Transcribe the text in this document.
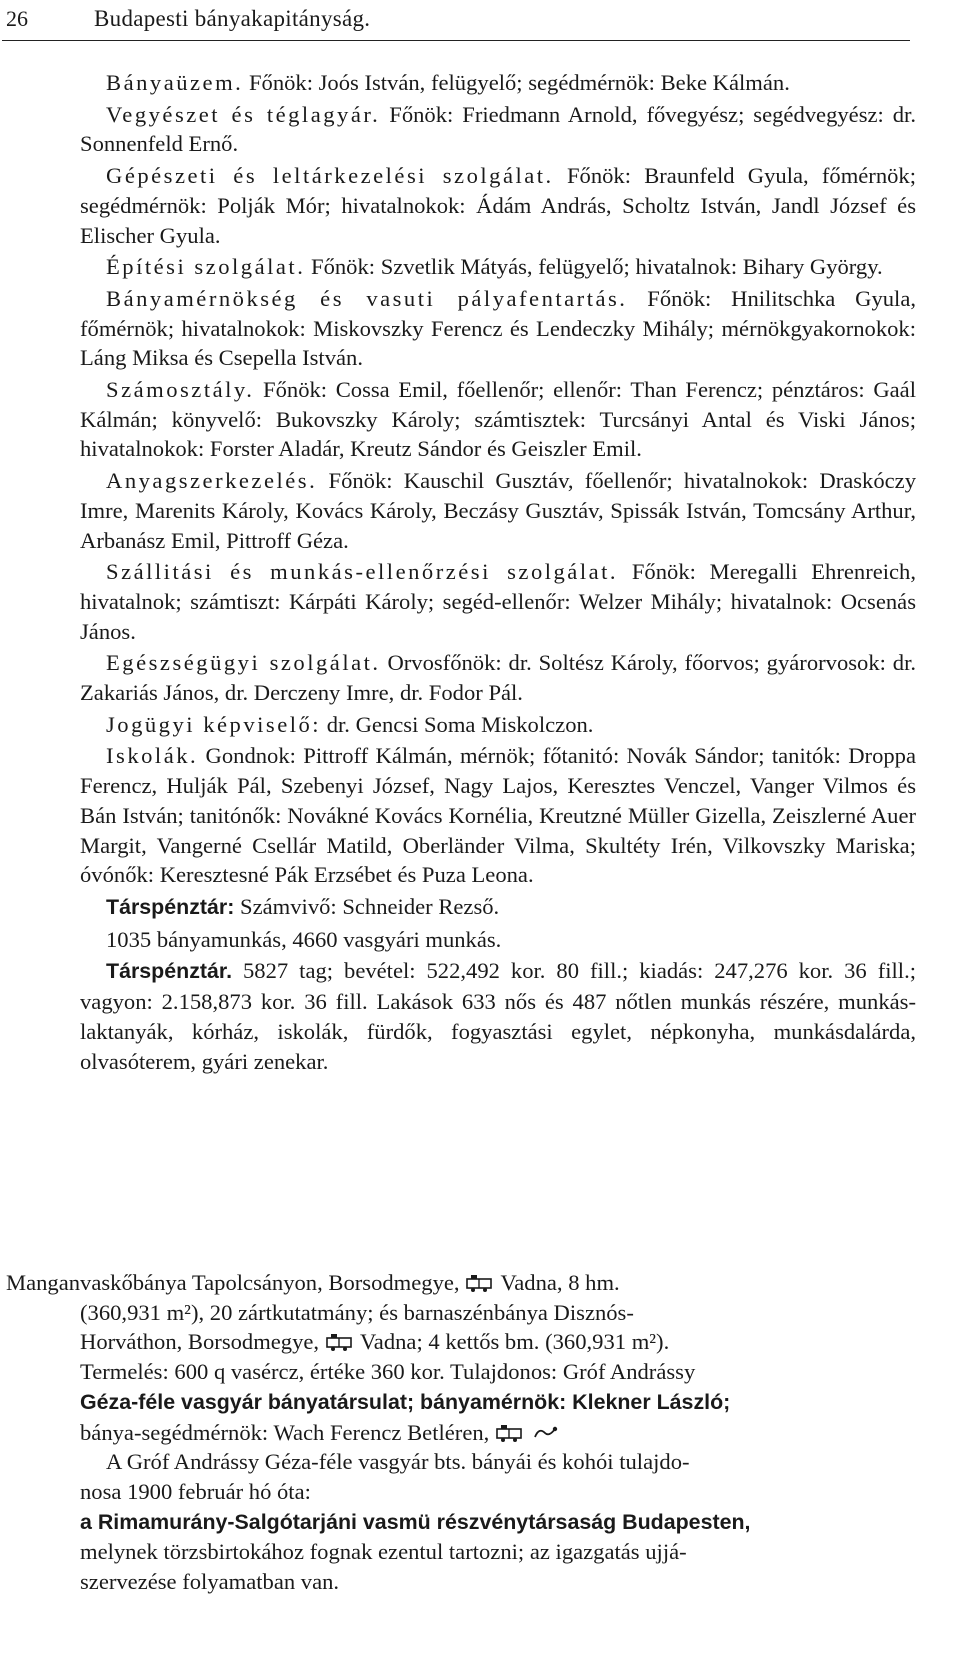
26	Budapesti bányakapitányság.

Bányaüzem. Főnök: Joós István, felügyelő; segédmérnök: Beke Kálmán.

Vegyészet és téglagyár. Főnök: Friedmann Arnold, fővegyész; segédvegyész: dr. Sonnenfeld Ernő.

Gépészeti és leltárkezelési szolgálat. Főnök: Braunfeld Gyula, főmérnök; segédmérnök: Polják Mór; hivatalnokok: Ádám András, Scholtz István, Jandl József és Elischer Gyula.

Építési szolgálat. Főnök: Szvetlik Mátyás, felügyelő; hivatalnok: Bihary György.

Bányamérnökség és vasuti pályafentartás. Főnök: Hnilitschka Gyula, főmérnök; hivatalnokok: Miskovszky Ferencz és Lendeczky Mihály; mérnökgyakornokok: Láng Miksa és Csepella István.

Számosztály. Főnök: Cossa Emil, főellenőr; ellenőr: Than Ferencz; pénztáros: Gaál Kálmán; könyvelő: Bukovszky Károly; számtisztek: Turcsányi Antal és Viski János; hivatalnokok: Forster Aladár, Kreutz Sándor és Geiszler Emil.

Anyagszerkezelés. Főnök: Kauschil Gusztáv, főellenőr; hivatalnokok: Draskóczy Imre, Marenits Károly, Kovács Károly, Beczásy Gusztáv, Spissák István, Tomcsány Arthur, Arbanász Emil, Pittroff Géza.

Szállitási és munkás-ellenőrzési szolgálat. Főnök: Meregalli Ehrenreich, hivatalnok; számtiszt: Kárpáti Károly; segéd-ellenőr: Welzer Mihály; hivatalnok: Ocsenás János.

Egészségügyi szolgálat. Orvosfőnök: dr. Soltész Károly, főorvos; gyárorvosok: dr. Zakariás János, dr. Derczeny Imre, dr. Fodor Pál.

Jogügyi képviselő: dr. Gencsi Soma Miskolczon.

Iskolák. Gondnok: Pittroff Kálmán, mérnök; főtanitó: Novák Sándor; tanitók: Droppa Ferencz, Hulják Pál, Szebenyi József, Nagy Lajos, Keresztes Venczel, Vanger Vilmos és Bán István; tanitónők: Novákné Kovács Kornélia, Kreutzné Müller Gizella, Zeiszlerné Auer Margit, Vangerné Csellár Matild, Oberländer Vilma, Skultéty Irén, Vilkovszky Mariska; óvónők: Keresztesné Pák Erzsébet és Puza Leona.

Társpénztár: Számvivő: Schneider Rezső.

1035 bányamunkás, 4660 vasgyári munkás.

Társpénztár. 5827 tag; bevétel: 522,492 kor. 80 fill.; kiadás: 247,276 kor. 36 fill.; vagyon: 2.158,873 kor. 36 fill. Lakások 633 nős és 487 nőtlen munkás részére, munkás-laktanyák, kórház, iskolák, fürdők, fogyasztási egylet, népkonyha, munkásdalárda, olvasóterem, gyári zenekar.

Manganvaskőbánya Tapolcsányon, Borsodmegye, Vadna, 8 hm.
(360,931 m²), 20 zártkutatmány; és barnaszénbánya Disznós-
Horváthon, Borsodmegye, Vadna; 4 kettős bm. (360,931 m²).
Termelés: 600 q vasércz, értéke 360 kor. Tulajdonos: Gróf Andrássy
Géza-féle vasgyár bányatársulat; bányamérnök: Klekner László;
bánya-segédmérnök: Wach Ferencz Betléren,

A Gróf Andrássy Géza-féle vasgyár bts. bányái és kohói tulajdo-
nosa 1900 február hó óta:
a Rimamurány-Salgótarjáni vasmü részvénytársaság Budapesten,
melynek törzsbirtokához fognak ezentul tartozni; az igazgatás ujjá-
szervezése folyamatban van.
